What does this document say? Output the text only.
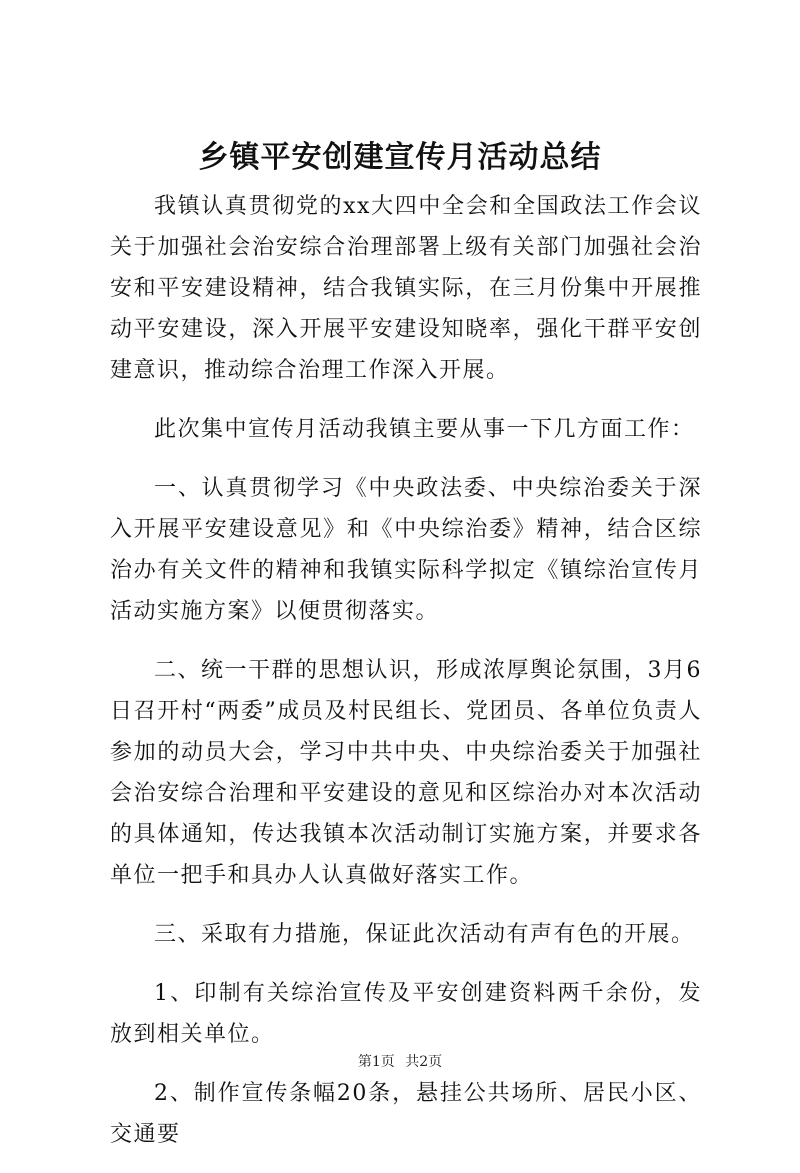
乡镇平安创建宣传月活动总结

我镇认真贯彻党的xx大四中全会和全国政法工作会议关于加强社会治安综合治理部署上级有关部门加强社会治安和平安建设精神，结合我镇实际，在三月份集中开展推动平安建设，深入开展平安建设知晓率，强化干群平安创建意识，推动综合治理工作深入开展。

此次集中宣传月活动我镇主要从事一下几方面工作：

一、认真贯彻学习《中央政法委、中央综治委关于深入开展平安建设意见》和《中央综治委》精神，结合区综治办有关文件的精神和我镇实际科学拟定《镇综治宣传月活动实施方案》以便贯彻落实。

二、统一干群的思想认识，形成浓厚舆论氛围，3月6日召开村“两委”成员及村民组长、党团员、各单位负责人参加的动员大会，学习中共中央、中央综治委关于加强社会治安综合治理和平安建设的意见和区综治办对本次活动的具体通知，传达我镇本次活动制订实施方案，并要求各单位一把手和具办人认真做好落实工作。

三、采取有力措施，保证此次活动有声有色的开展。

1、印制有关综治宣传及平安创建资料两千余份，发放到相关单位。

2、制作宣传条幅20条，悬挂公共场所、居民小区、交通要

第1页 共2页
